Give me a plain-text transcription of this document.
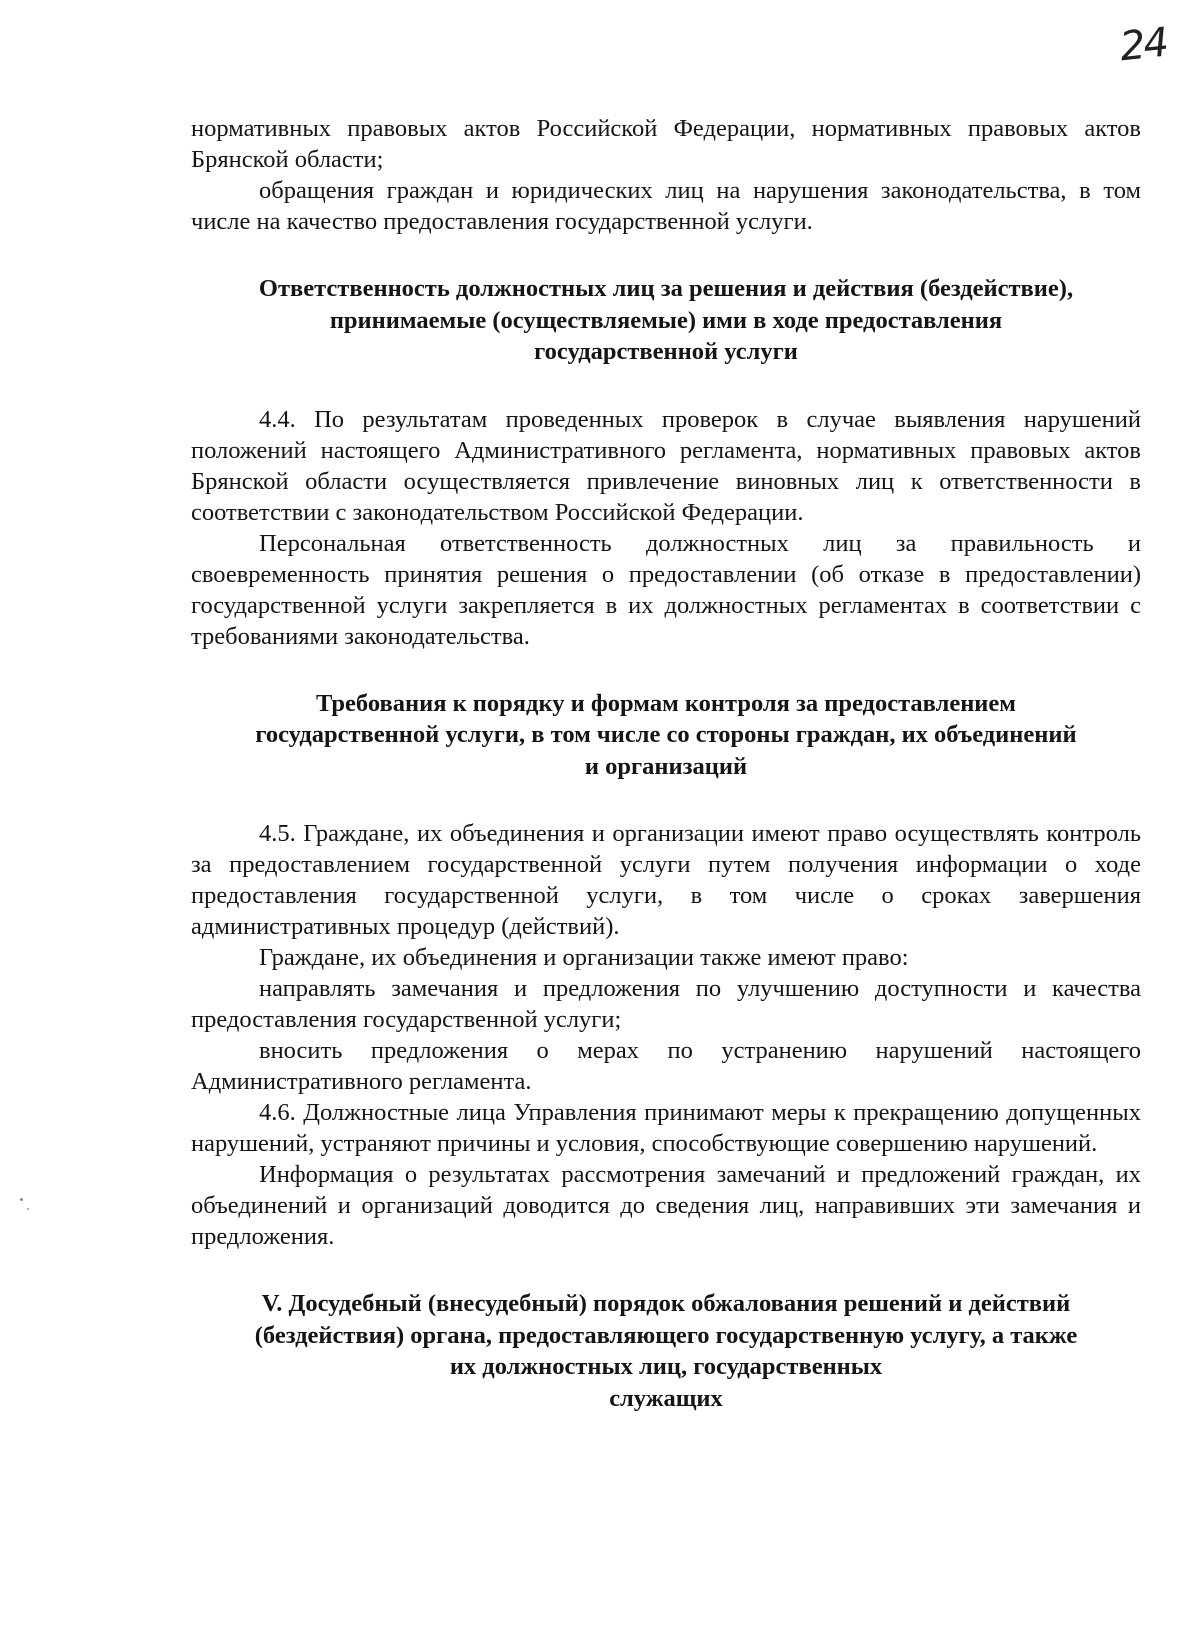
24

нормативных правовых актов Российской Федерации, нормативных правовых актов Брянской области;

обращения граждан и юридических лиц на нарушения законодательства, в том числе на качество предоставления государственной услуги.

Ответственность должностных лиц за решения и действия (бездействие),
принимаемые (осуществляемые) ими в ходе предоставления
государственной услуги

4.4. По результатам проведенных проверок в случае выявления нарушений положений настоящего Административного регламента, нормативных правовых актов Брянской области осуществляется привлечение виновных лиц к ответственности в соответствии с законодательством Российской Федерации.

Персональная ответственность должностных лиц за правильность и своевременность принятия решения о предоставлении (об отказе в предоставлении) государственной услуги закрепляется в их должностных регламентах в соответствии с требованиями законодательства.

Требования к порядку и формам контроля за предоставлением
государственной услуги, в том числе со стороны граждан, их объединений
и организаций

4.5. Граждане, их объединения и организации имеют право осуществлять контроль за предоставлением государственной услуги путем получения информации о ходе предоставления государственной услуги, в том числе о сроках завершения административных процедур (действий).

Граждане, их объединения и организации также имеют право:

направлять замечания и предложения по улучшению доступности и качества предоставления государственной услуги;

вносить предложения о мерах по устранению нарушений настоящего Административного регламента.

4.6. Должностные лица Управления принимают меры к прекращению допущенных нарушений, устраняют причины и условия, способствующие совершению нарушений.

Информация о результатах рассмотрения замечаний и предложений граждан, их объединений и организаций доводится до сведения лиц, направивших эти замечания и предложения.

V. Досудебный (внесудебный) порядок обжалования решений и действий
(бездействия) органа, предоставляющего государственную услугу, а также
их должностных лиц, государственных
служащих
